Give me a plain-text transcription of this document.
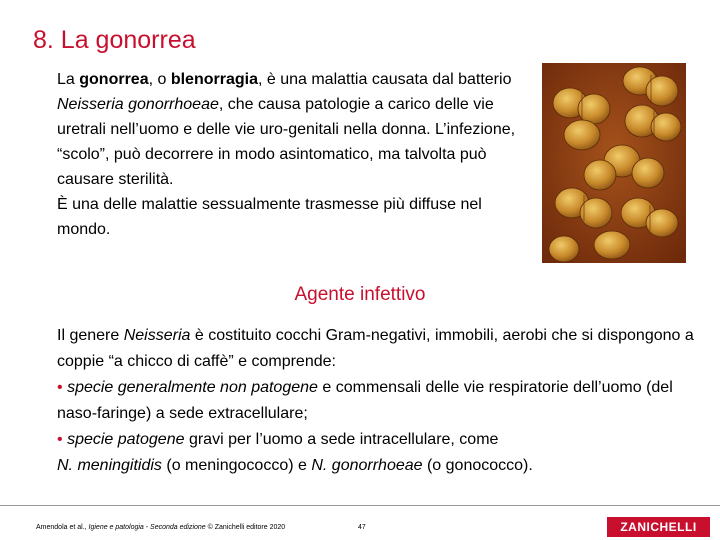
8. La gonorrea
La gonorrea, o blenorragia, è una malattia causata dal batterio Neisseria gonorrhoeae, che causa patologie a carico delle vie uretrali nell’uomo e delle vie uro-genitali nella donna. L’infezione, “scolo”, può decorrere in modo asintomatico, ma talvolta può causare sterilità.
È una delle malattie sessualmente trasmesse più diffuse nel mondo.
Agente infettivo
Il genere Neisseria è costituito cocchi Gram-negativi, immobili, aerobi che si dispongono a coppie “a chicco di caffè” e comprende:
• specie generalmente non patogene e commensali delle vie respiratorie dell’uomo (del naso-faringe) a sede extracellulare;
• specie patogene gravi per l’uomo a sede intracellulare, come
N. meningitidis (o meningococco) e N. gonorrhoeae (o gonococco).
Amendola et al., Igiene e patologia - Seconda edizione © Zanichelli editore 2020	47	ZANICHELLI
